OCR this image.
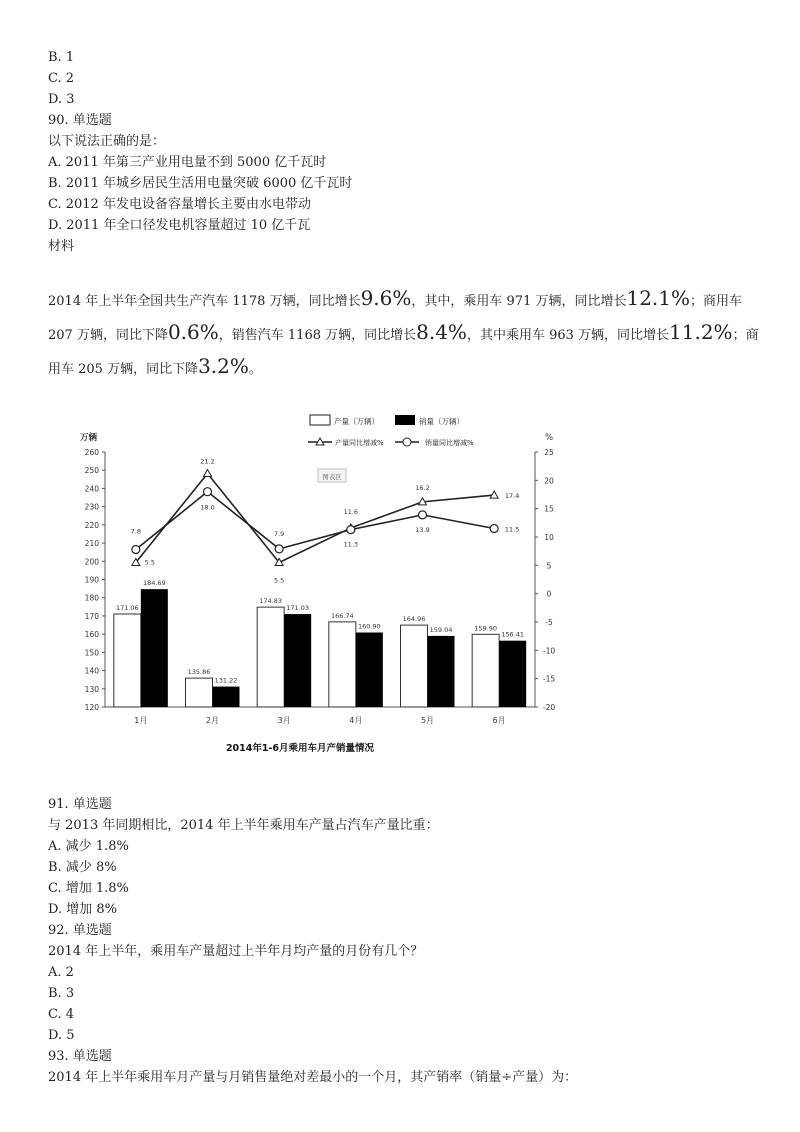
B. 1
C. 2
D. 3
90. 单选题
以下说法正确的是：
A. 2011 年第三产业用电量不到 5000 亿千瓦时
B. 2011 年城乡居民生活用电量突破 6000 亿千瓦时
C. 2012 年发电设备容量增长主要由水电带动
D. 2011 年全口径发电机容量超过 10 亿千瓦
材料
2014 年上半年全国共生产汽车 1178 万辆，同比增长9.6%，其中，乘用车 971 万辆，同比增长12.1%；商用车 207 万辆，同比下降0.6%，销售汽车 1168 万辆，同比增长8.4%，其中乘用车 963 万辆，同比增长11.2%；商用车 205 万辆，同比下降3.2%。
120
130
140
150
160
170
180
190
200
210
220
230
240
250
260
万辆
-20
-15
-10
-5
0
5
10
15
20
25
%
171.06
184.69
1月
135.86
131.22
2月
174.83
171.03
3月
166.74
160.90
4月
164.96
159.04
5月
159.90
156.41
6月
5.5
21.2
5.5
11.6
16.2
17.4
7.8
18.0
7.9
11.3
13.9	11.5
图表区
产量（万辆）	销量（万辆）
产量同比增减%	销量同比增减%
2014年1-6月乘用车月产销量情况
91. 单选题
与 2013 年同期相比，2014 年上半年乘用车产量占汽车产量比重：
A. 减少 1.8%
B. 减少 8%
C. 增加 1.8%
D. 增加 8%
92. 单选题
2014 年上半年，乘用车产量超过上半年月均产量的月份有几个？
A. 2
B. 3
C. 4
D. 5
93. 单选题
2014 年上半年乘用车月产量与月销售量绝对差最小的一个月，其产销率（销量÷产量）为：
